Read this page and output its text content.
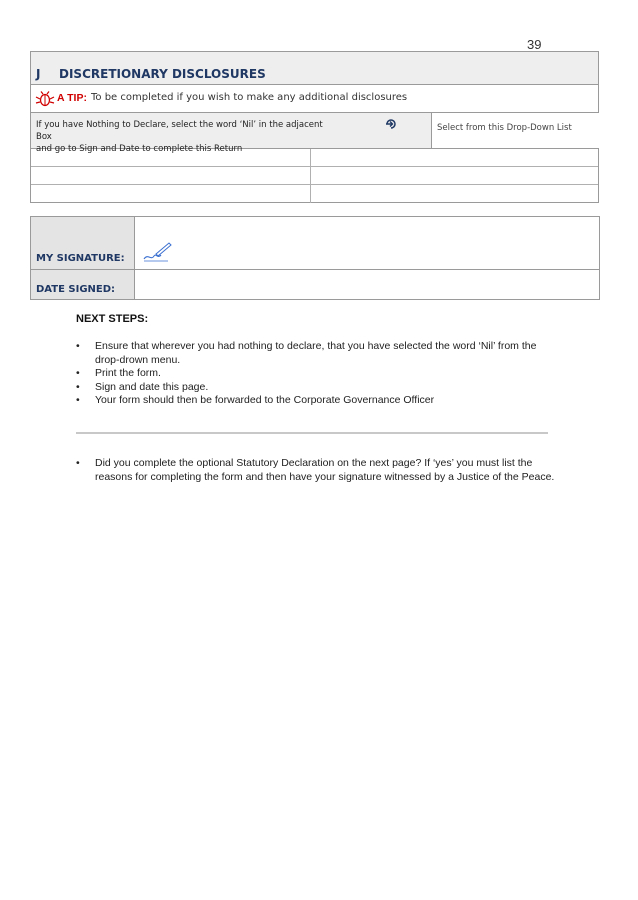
39
J DISCRETIONARY DISCLOSURES
A TIP: To be completed if you wish to make any additional disclosures
If you have Nothing to Declare, select the word ‘Nil’ in the adjacent Box
and go to Sign and Date to complete this Return
Select from this Drop-Down List
MY SIGNATURE:
DATE SIGNED:
NEXT STEPS:
• Ensure that wherever you had nothing to declare, that you have selected the word ‘Nil’ from the drop-drown menu.
• Print the form.
• Sign and date this page.
• Your form should then be forwarded to the Corporate Governance Officer
• Did you complete the optional Statutory Declaration on the next page? If ‘yes’ you must list the reasons for completing the form and then have your signature witnessed by a Justice of the Peace.
